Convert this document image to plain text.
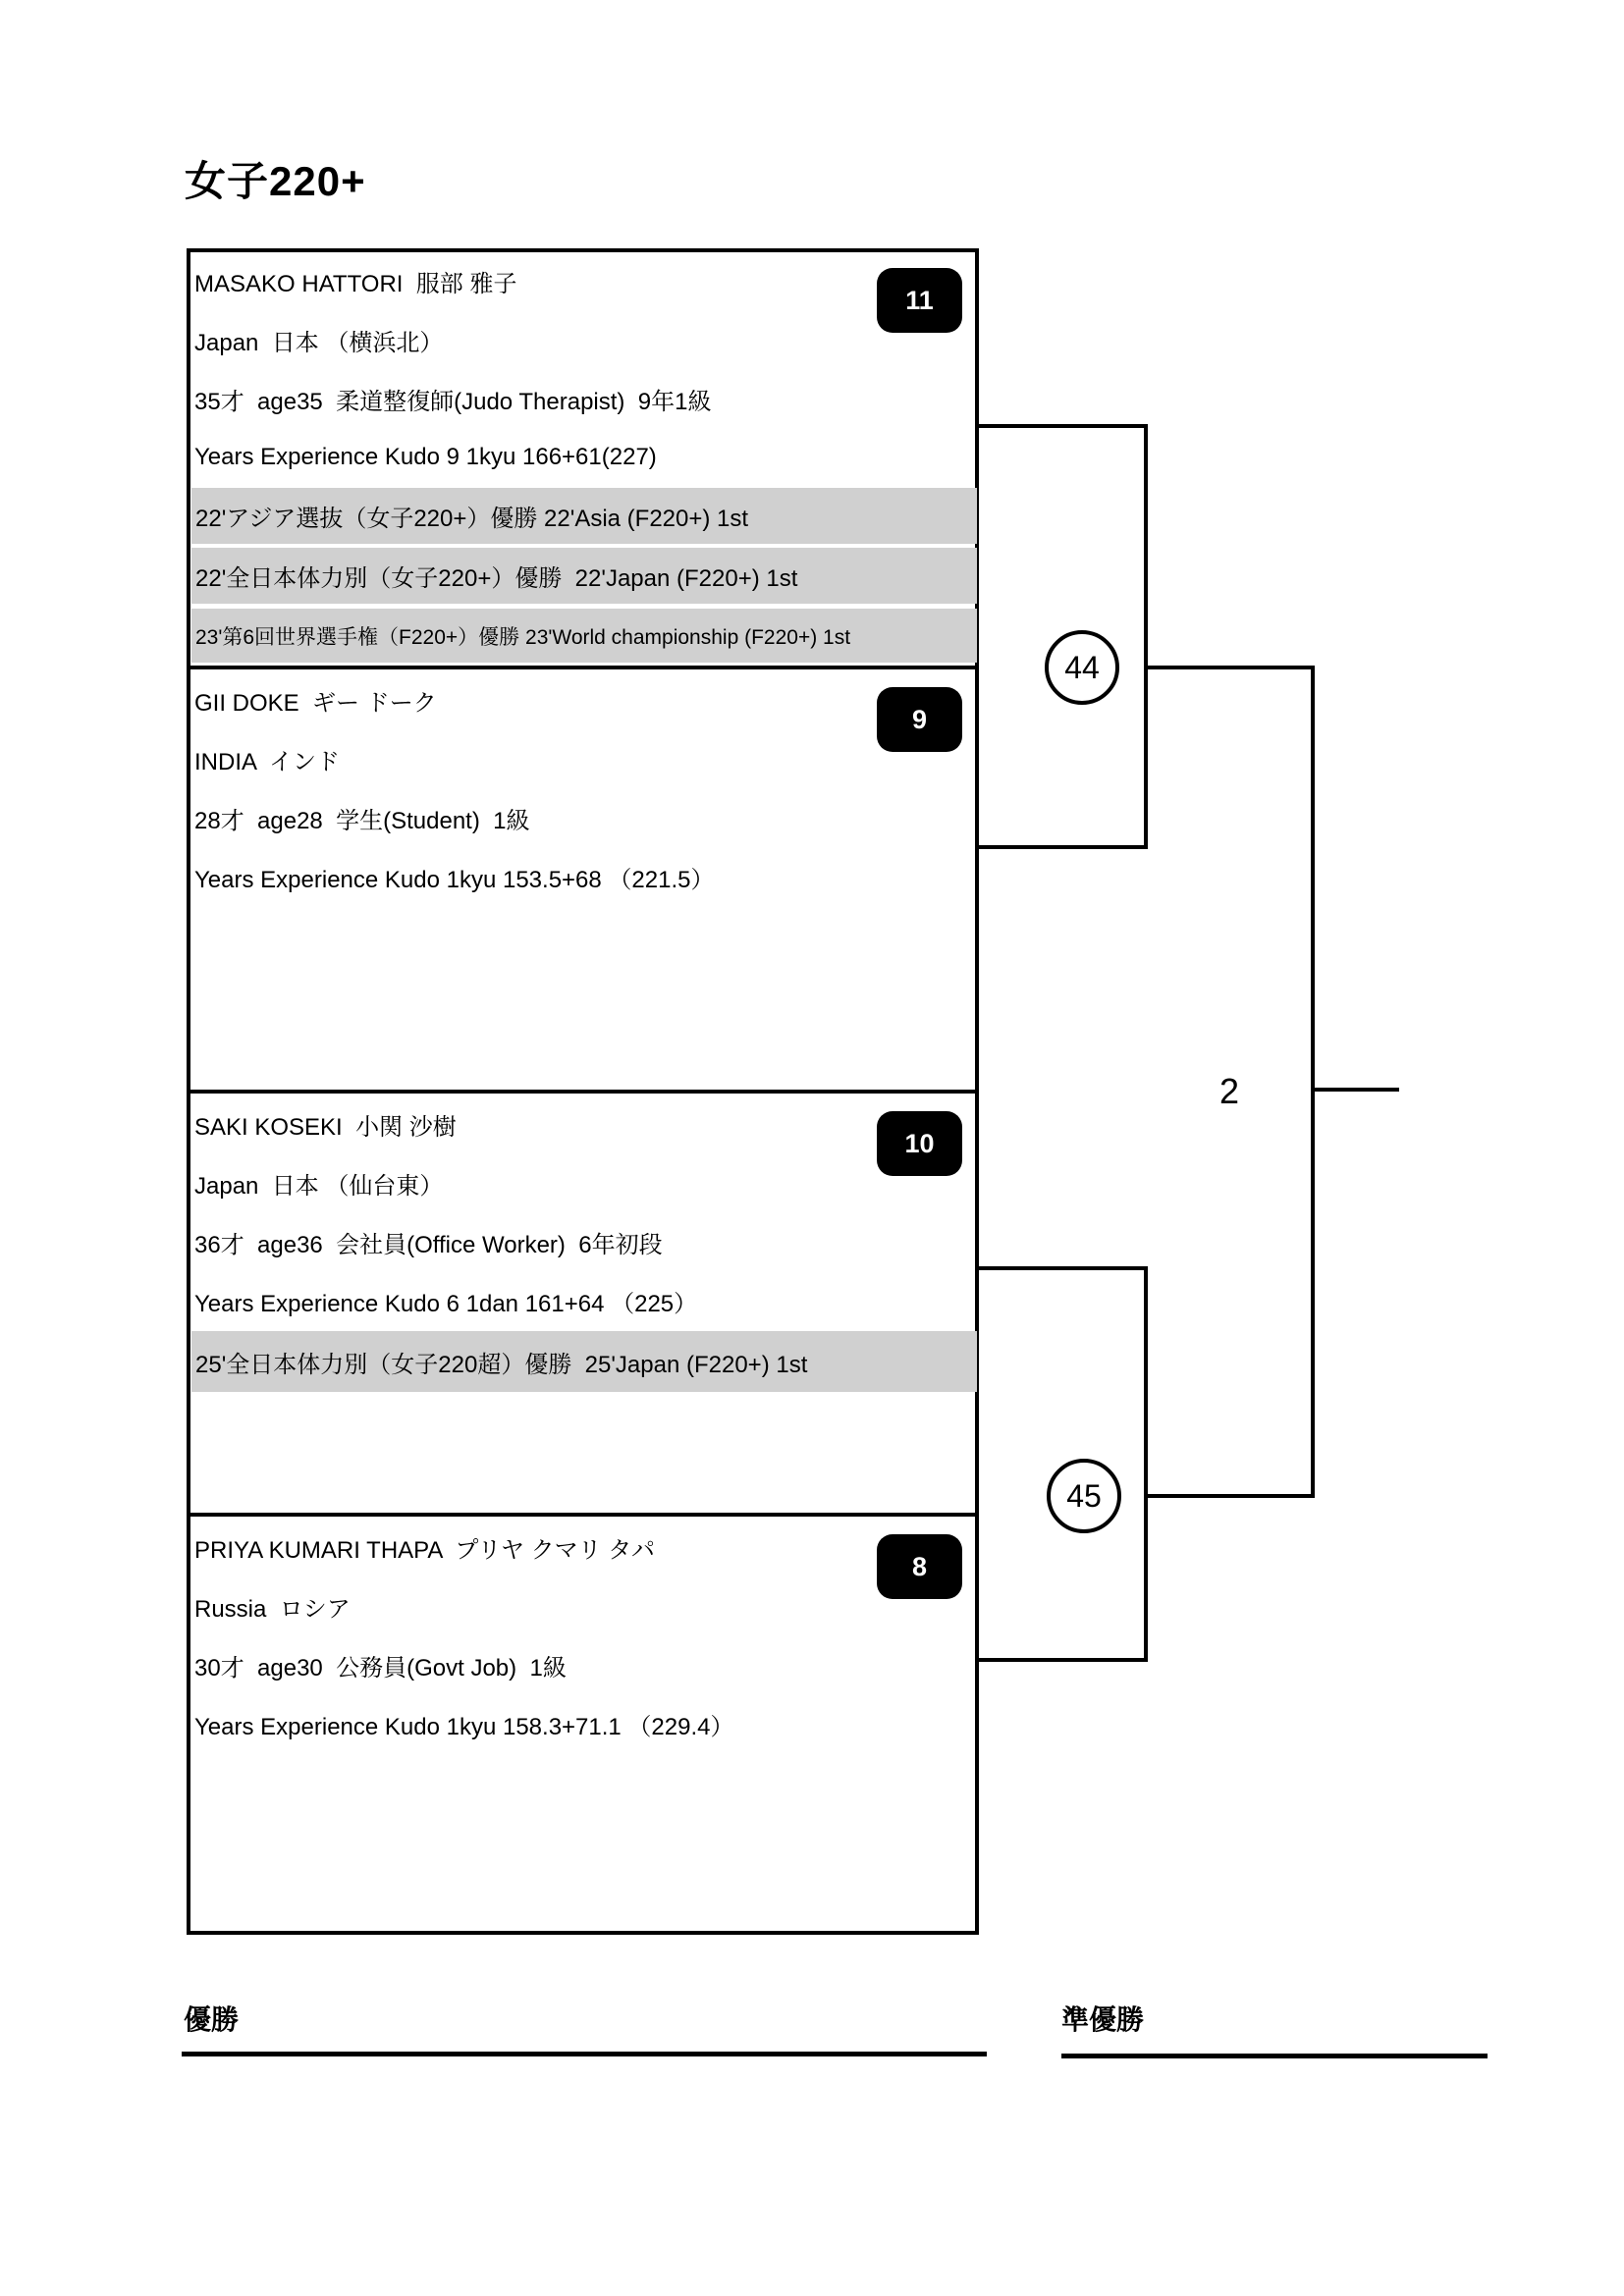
女子220+
MASAKO HATTORI  服部 雅子
Japan  日本 （横浜北）
35才  age35  柔道整復師(Judo Therapist)  9年1級
Years Experience Kudo 9 1kyu 166+61(227)
22'アジア選抜（女子220+）優勝 22'Asia (F220+) 1st
22'全日本体力別（女子220+）優勝  22'Japan (F220+) 1st
23'第6回世界選手権（F220+）優勝 23'World championship (F220+) 1st
11
GII DOKE  ギー ドーク
INDIA  インド
28才  age28  学生(Student)  1級
Years Experience Kudo 1kyu 153.5+68 （221.5）
9
SAKI KOSEKI  小関 沙樹
Japan  日本 （仙台東）
36才  age36  会社員(Office Worker)  6年初段
Years Experience Kudo 6 1dan 161+64 （225）
25'全日本体力別（女子220超）優勝  25'Japan (F220+) 1st
10
PRIYA KUMARI THAPA  プリヤ クマリ タパ
Russia  ロシア
30才  age30  公務員(Govt Job)  1級
Years Experience Kudo 1kyu 158.3+71.1 （229.4）
8
44
45
2
優勝	準優勝
